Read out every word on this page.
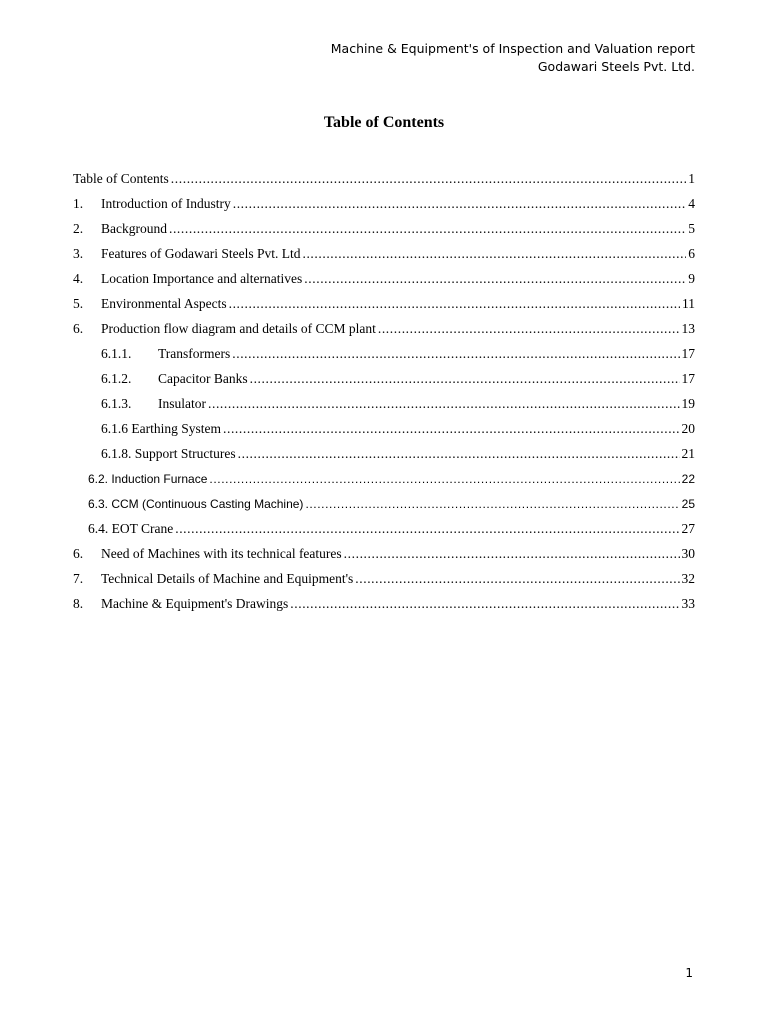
Machine & Equipment's of Inspection and Valuation report
Godawari Steels Pvt. Ltd.
Table of Contents
Table of Contents .....	1
1.	Introduction of Industry .....	4
2.	Background .....	5
3.	Features of Godawari Steels Pvt. Ltd .....	6
4.	Location Importance and alternatives .....	9
5.	Environmental Aspects .....	11
6.	Production flow diagram and details of CCM plant .....	13
6.1.1.	Transformers .....	17
6.1.2.	Capacitor Banks .....	17
6.1.3.	Insulator .....	19
6.1.6 Earthing System .....	20
6.1.8. Support Structures .....	21
6.2. Induction Furnace .....	22
6.3. CCM (Continuous Casting Machine) .....	25
6.4. EOT Crane .....	27
6.	Need of Machines with its technical features .....	30
7.	Technical Details of Machine and Equipment's .....	32
8.	Machine & Equipment's Drawings .....	33
1
